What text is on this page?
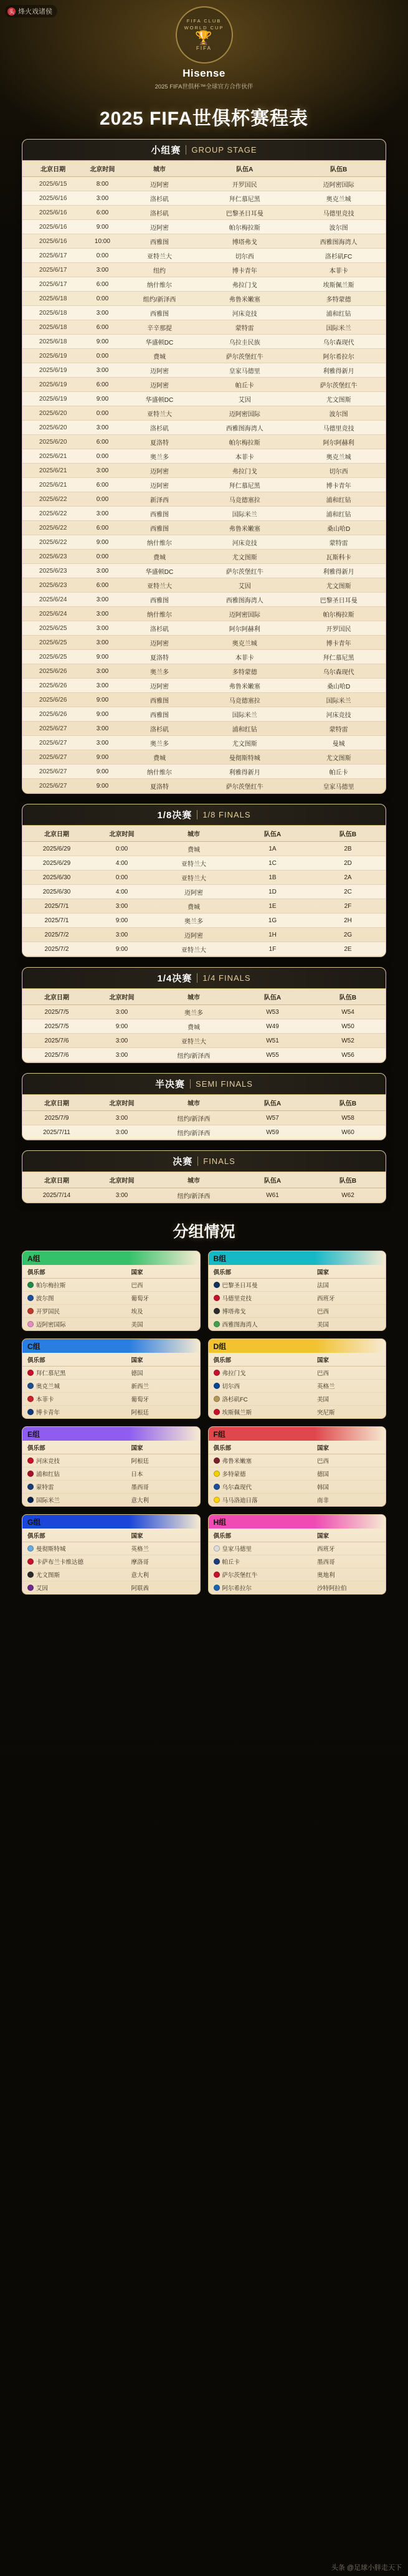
头 烽火戏诸侯
FIFA CLUB WORLD CUP
🏆
FIFA
Hisense
2025 FIFA世俱杯™全球官方合作伙伴
2025 FIFA世俱杯赛程表
小组赛 GROUP STAGE
北京日期	北京时间	城市	队伍A	队伍B
2025/6/15	8:00	迈阿密	开罗国民	迈阿密国际
2025/6/16	3:00	洛杉矶	拜仁慕尼黑	奥克兰城
2025/6/16	6:00	洛杉矶	巴黎圣日耳曼	马德里竞技
2025/6/16	9:00	迈阿密	帕尔梅拉斯	波尔图
2025/6/16	10:00	西雅图	博塔弗戈	西雅图海湾人
2025/6/17	0:00	亚特兰大	切尔西	洛杉矶FC
2025/6/17	3:00	纽约	博卡青年	本菲卡
2025/6/17	6:00	纳什维尔	弗拉门戈	埃斯佩兰斯
2025/6/18	0:00	组约/新泽西	弗鲁米嫩塞	多特蒙德
2025/6/18	3:00	西雅图	河床竞技	浦和红钻
2025/6/18	6:00	辛辛那提	蒙特雷	国际米兰
2025/6/18	9:00	华盛顿DC	乌拉圭民族	乌尔森现代
2025/6/19	0:00	费城	萨尔茨堡红牛	阿尔希拉尔
2025/6/19	3:00	迈阿密	皇家马德里	利雅得新月
2025/6/19	6:00	迈阿密	帕丘卡	萨尔茨堡红牛
2025/6/19	9:00	华盛顿DC	艾因	尤文图斯
2025/6/20	0:00	亚特兰大	迈阿密国际	波尔图
2025/6/20	3:00	洛杉矶	西雅图海湾人	马德里竞技
2025/6/20	6:00	夏洛特	帕尔梅拉斯	阿尔阿赫利
2025/6/21	0:00	奥兰多	本菲卡	奥克兰城
2025/6/21	3:00	迈阿密	弗拉门戈	切尔西
2025/6/21	6:00	迈阿密	拜仁慕尼黑	博卡青年
2025/6/22	0:00	新泽西	马竞德塞拉	浦和红钻
2025/6/22	3:00	西雅图	国际米兰	浦和红钻
2025/6/22	6:00	西雅图	弗鲁米嫩塞	桑山哈D
2025/6/22	9:00	纳什维尔	河床竞技	蒙特雷
2025/6/23	0:00	费城	尤文图斯	瓦斯科卡
2025/6/23	3:00	华盛顿DC	萨尔茨堡红牛	利雅得新月
2025/6/23	6:00	亚特兰大	艾因	尤文图斯
2025/6/24	3:00	西雅图	西雅图海湾人	巴黎圣日耳曼
2025/6/24	3:00	纳什维尔	迈阿密国际	帕尔梅拉斯
2025/6/25	3:00	洛杉矶	阿尔阿赫利	开罗国民
2025/6/25	3:00	迈阿密	奥克兰城	博卡青年
2025/6/25	9:00	夏洛特	本菲卡	拜仁慕尼黑
2025/6/26	3:00	奥兰多	多特蒙德	乌尔森现代
2025/6/26	3:00	迈阿密	弗鲁米嫩塞	桑山哈D
2025/6/26	9:00	西雅图	马竞德塞拉	国际米兰
2025/6/26	9:00	西雅图	国际米兰	河床竞技
2025/6/27	3:00	洛杉矶	浦和红钻	蒙特雷
2025/6/27	3:00	奥兰多	尤文图斯	曼城
2025/6/27	9:00	费城	曼彻斯特城	尤文图斯
2025/6/27	9:00	纳什维尔	利雅得新月	帕丘卡
2025/6/27	9:00	夏洛特	萨尔茨堡红牛	皇家马德里
1/8决赛 1/8 FINALS
北京日期	北京时间	城市	队伍A	队伍B
2025/6/29	0:00	费城	1A	2B
2025/6/29	4:00	亚特兰大	1C	2D
2025/6/30	0:00	亚特兰大	1B	2A
2025/6/30	4:00	迈阿密	1D	2C
2025/7/1	3:00	费城	1E	2F
2025/7/1	9:00	奥兰多	1G	2H
2025/7/2	3:00	迈阿密	1H	2G
2025/7/2	9:00	亚特兰大	1F	2E
1/4决赛 1/4 FINALS
北京日期	北京时间	城市	队伍A	队伍B
2025/7/5	3:00	奥兰多	W53	W54
2025/7/5	9:00	费城	W49	W50
2025/7/6	3:00	亚特兰大	W51	W52
2025/7/6	3:00	纽约/新泽西	W55	W56
半决赛 SEMI FINALS
北京日期	北京时间	城市	队伍A	队伍B
2025/7/9	3:00	纽约/新泽西	W57	W58
2025/7/11	3:00	纽约/新泽西	W59	W60
决赛 FINALS
北京日期	北京时间	城市	队伍A	队伍B
2025/7/14	3:00	纽约/新泽西	W61	W62
分组情况
A组
俱乐部	国家
帕尔梅拉斯	巴西
波尔图	葡萄牙
开罗国民	埃及
迈阿密国际	美国
B组
俱乐部	国家
巴黎圣日耳曼	法国
马德里竞技	西班牙
博塔弗戈	巴西
西雅图海湾人	美国
C组
俱乐部	国家
拜仁慕尼黑	德国
奥克兰城	新西兰
本菲卡	葡萄牙
博卡青年	阿根廷
D组
俱乐部	国家
弗拉门戈	巴西
切尔西	英格兰
洛杉矶FC	美国
埃斯佩兰斯	突尼斯
E组
俱乐部	国家
河床竞技	阿根廷
浦和红钻	日本
蒙特雷	墨西哥
国际米兰	意大利
F组
俱乐部	国家
弗鲁米嫩塞	巴西
多特蒙德	德国
乌尔森现代	韩国
马马洛迪日落	南非
G组
俱乐部	国家
曼彻斯特城	英格兰
卡萨布兰卡维达德	摩洛哥
尤文图斯	意大利
艾因	阿联酋
H组
俱乐部	国家
皇家马德里	西班牙
帕丘卡	墨西哥
萨尔茨堡红牛	奥地利
阿尔希拉尔	沙特阿拉伯
头条 @足球小胖走天下
